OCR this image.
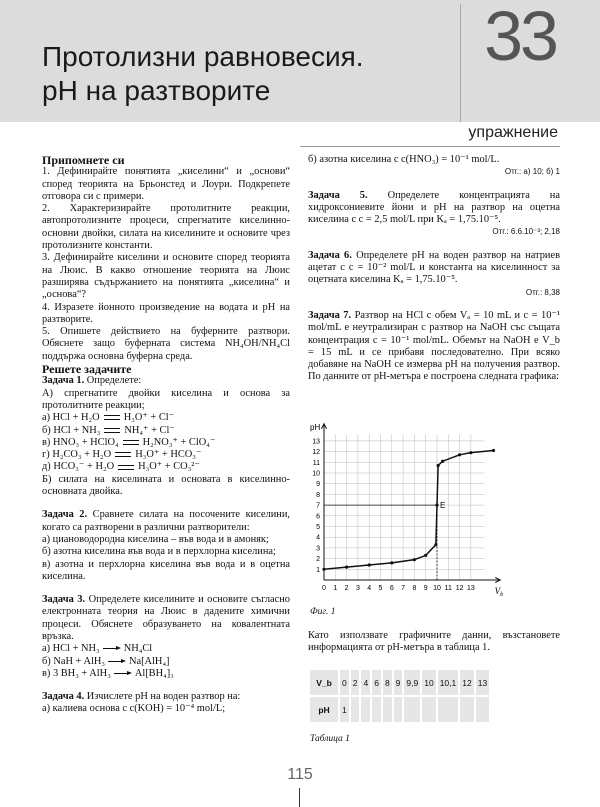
Протолизни равновесия.
рН на разтворите
33
упражнение

Припомнете си

1. Дефинирайте понятията „киселини“ и „основи“ според теорията на Брьонстед и Лоури. Подкрепете отговора си с примери.

2. Характеризирайте протолитните реакции, автопротолизните процеси, спрегнатите киселинно-основни двойки, силата на киселините и основите чрез протолизните константи.

3. Дефинирайте киселини и основите според теорията на Люис. В какво отношение теорията на Люис разширява съдържанието на понятията „киселина“ и „основа“?

4. Изразете йонното произведение на водата и рН на разтворите.

5. Опишете действието на буферните разтвори. Обяснете защо буферната система NH₄OH/NH₄Cl поддържа основна буферна среда.

Решете задачите

Задача 1. Определете:

А) спрегнатите двойки киселина и основа за протолитните реакции;

а) HCl + H₂O H₃O⁺ + Cl⁻

б) HCl + NH₃ NH₄⁺ + Cl⁻

в) HNO₃ + HClO₄ H₂NO₃⁺ + ClO₄⁻

г) H₂CO₃ + H₂O H₃O⁺ + HCO₃⁻

д) HCO₃⁻ + H₂O H₃O⁺ + CO₃²⁻

Б) силата на киселината и основата в киселинно-основната двойка.

Задача 2. Сравнете силата на посочените киселини, когато са разтворени в различни разтворители:

а) циановодородна киселина – във вода и в амоняк;

б) азотна киселина във вода и в перхлорна киселина;

в) азотна и перхлорна киселина във вода и в оцетна киселина.

Задача 3. Определете киселините и основите съгласно електронната теория на Люис в дадените химични процеси. Обяснете образуването на ковалентната връзка.

а) HCl + NH₃ NH₄Cl

б) NaH + AlH₃ Na[AlH₄]

в) 3 BH₃ + AlH₃ Al[BH₄]₃

Задача 4. Изчислете рН на воден разтвор на:

а) калиева основа с c(KOH) = 10⁻⁴ mol/L;

б) азотна киселина с c(HNO₃) = 10⁻¹ mol/L.

Отг.: а) 10; б) 1

Задача 5. Определете концентрацията на хидроксониевите йони и рН на разтвор на оцетна киселина с c = 2,5 mol/L при Kₐ = 1,75.10⁻⁵.

Отг.: 6.6.10⁻³; 2,18

Задача 6. Определете рН на воден разтвор на натриев ацетат с c = 10⁻² mol/L и константа на киселинност за оцетната киселина Kₐ = 1,75.10⁻⁵.

Отг.: 8,38

Задача 7. Разтвор на HCl с обем Vₐ = 10 mL и c = 10⁻¹ mol/mL е неутрализиран с разтвор на NaOH със същата концентрация c = 10⁻¹ mol/mL. Обемът на NaOH е V_b = 15 mL и се прибавя последователно. При всяко добавяне на NaOH се измерва рН на получения разтвор. По данните от рН-метъра е построена следната графика:

0 1 2 3 4 5 6 7 8 9 10 11 12 13
1
2
3
4
5
6
7
8
9
10
11
12
13
pH
$V_b$
E
Фиг. 1
Като използвате графичните данни, възстановете информацията от рН-метъра в таблица 1.
V_b	0	2	4	6	8	9	9,9	10	10,1	12	13
рН	1										
Таблица 1
115
